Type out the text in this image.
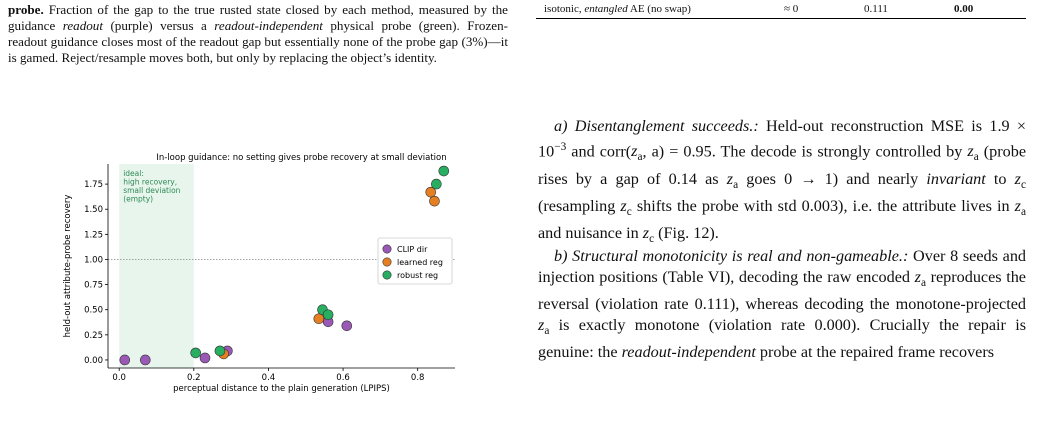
probe. Fraction of the gap to the true rusted state closed by each method, measured by the guidance readout (purple) versus a readout-independent physical probe (green). Frozen-readout guidance closes most of the readout gap but essentially none of the probe gap (3%)—it is gamed. Reject/resample moves both, but only by replacing the object’s identity.
isotonic, entangled AE (no swap)	≈ 0	0.111	0.00
ideal:
high recovery,
small deviation
(empty)
0.0	0.2	0.4	0.6	0.8
0.00
0.25
0.50
0.75
1.00
1.25
1.50
1.75
perceptual distance to the plain generation (LPIPS)
held-out attribute-probe recovery
In-loop guidance: no setting gives probe recovery at small deviation
CLIP dir
learned reg
robust reg
a) Disentanglement succeeds.: Held-out reconstruction MSE is $1.9 \times 10^{-3}$ and $corr(z_a$, a) = 0.95. The decode is strongly controlled by $z_a$ (probe rises by a gap of 0.14 as $z_a$ goes 0 → 1) and nearly invariant to $z_c$ (resampling $z_c$ shifts the probe with std 0.003), i.e. the attribute lives in $z_a$ and nuisance in $z_c$ (Fig. 12).
b) Structural monotonicity is real and non-gameable.: Over 8 seeds and injection positions (Table VI), decoding the raw encoded $z_a$ reproduces the reversal (violation rate 0.111), whereas decoding the monotone-projected $z_a$ is exactly monotone (violation rate 0.000). Crucially the repair is genuine: the readout-independent probe at the repaired frame recovers
